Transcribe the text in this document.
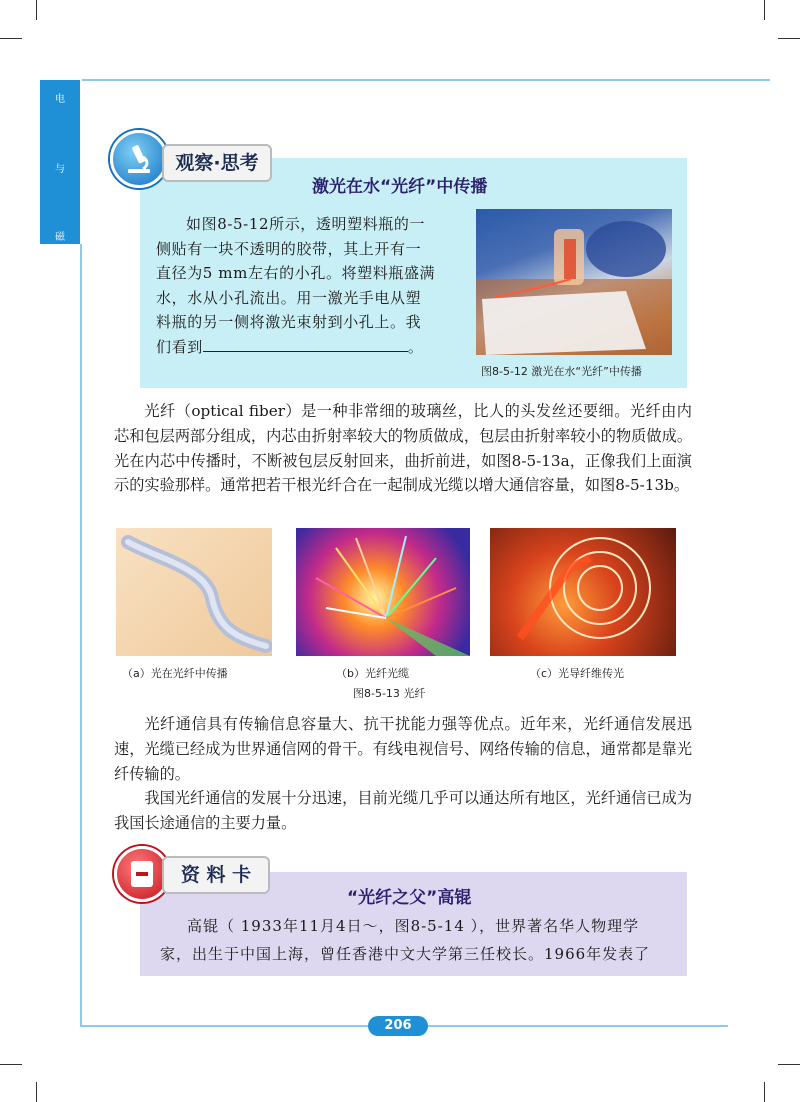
电
与
磁
观察·思考
激光在水“光纤”中传播

如图8-5-12所示，透明塑料瓶的一

侧贴有一块不透明的胶带，其上开有一

直径为5 mm左右的小孔。将塑料瓶盛满

水，水从小孔流出。用一激光手电从塑

料瓶的另一侧将激光束射到小孔上。我

们看到	。

图8-5-12 激光在水“光纤”中传播

光纤（optical fiber）是一种非常细的玻璃丝，比人的头发丝还要细。光纤由内芯和包层两部分组成，内芯由折射率较大的物质做成，包层由折射率较小的物质做成。光在内芯中传播时，不断被包层反射回来，曲折前进，如图8-5-13a，正像我们上面演示的实验那样。通常把若干根光纤合在一起制成光缆以增大通信容量，如图8-5-13b。

（a）光在光纤中传播	（b）光纤光缆	（c）光导纤维传光
图8-5-13 光纤

光纤通信具有传输信息容量大、抗干扰能力强等优点。近年来，光纤通信发展迅速，光缆已经成为世界通信网的骨干。有线电视信号、网络传输的信息，通常都是靠光纤传输的。

我国光纤通信的发展十分迅速，目前光缆几乎可以通达所有地区，光纤通信已成为我国长途通信的主要力量。

资 料 卡
“光纤之父”高锟

高锟（ 1933年11月4日～，图8-5-14 ），世界著名华人物理学

家，出生于中国上海，曾任香港中文大学第三任校长。1966年发表了

206
